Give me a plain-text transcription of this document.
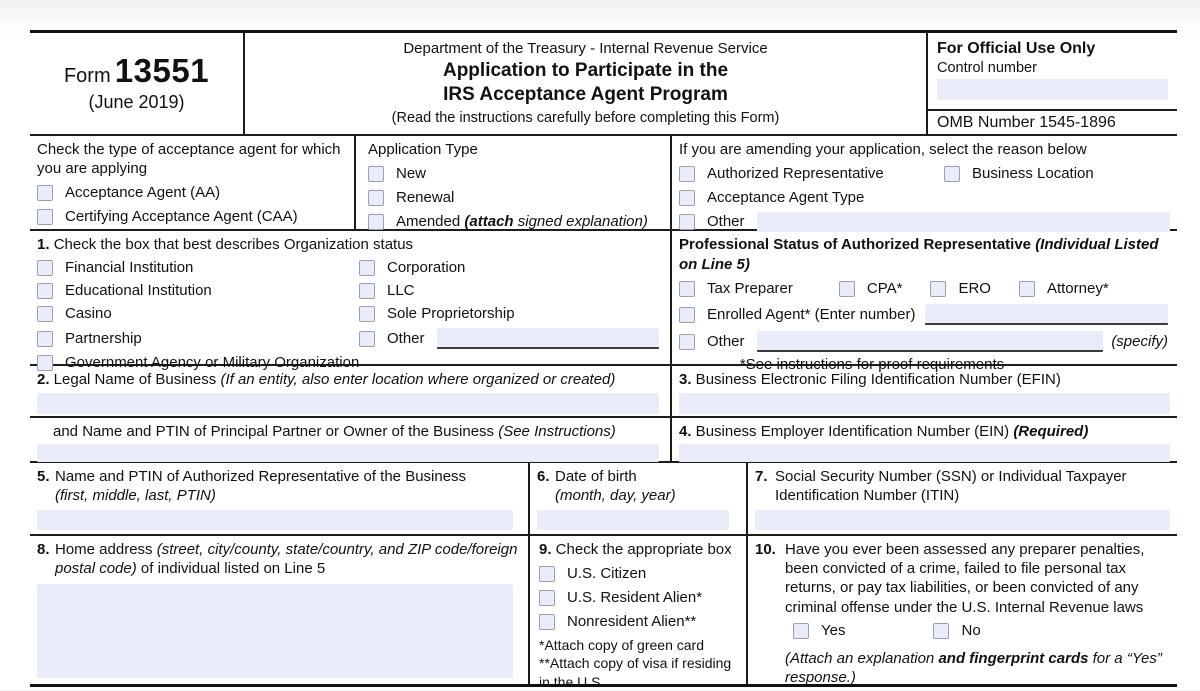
Form 13551
(June 2019)
Department of the Treasury - Internal Revenue Service
Application to Participate in the
IRS Acceptance Agent Program
(Read the instructions carefully before completing this Form)
For Official Use Only
Control number
OMB Number 1545-1896
Check the type of acceptance agent for which you are applying
Acceptance Agent (AA)
Certifying Acceptance Agent (CAA)
Application Type
New
Renewal
Amended (attach signed explanation)
If you are amending your application, select the reason below
Authorized Representative	Business Location
Acceptance Agent Type
Other
1. Check the box that best describes Organization status
Financial Institution	Corporation
Educational Institution	LLC
Casino	Sole Proprietorship
Partnership	Other
Government Agency or Military Organization
Professional Status of Authorized Representative (Individual Listed on Line 5)
Tax Preparer	CPA*	ERO	Attorney*
Enrolled Agent* (Enter number)
Other	(specify)
*See instructions for proof requirements
2. Legal Name of Business (If an entity, also enter location where organized or created)	3. Business Electronic Filing Identification Number (EFIN)
and Name and PTIN of Principal Partner or Owner of the Business (See Instructions)	4. Business Employer Identification Number (EIN) (Required)
5. Name and PTIN of Authorized Representative of the Business
(first, middle, last, PTIN)
6. Date of birth
(month, day, year)
7. Social Security Number (SSN) or Individual Taxpayer Identification Number (ITIN)
8. Home address (street, city/county, state/country, and ZIP code/foreign postal code) of individual listed on Line 5
9. Check the appropriate box
U.S. Citizen
U.S. Resident Alien*
Nonresident Alien**
*Attach copy of green card
**Attach copy of visa if residing in the U.S.
10. Have you ever been assessed any preparer penalties, been convicted of a crime, failed to file personal tax returns, or pay tax liabilities, or been convicted of any criminal offense under the U.S. Internal Revenue laws
Yes	No
(Attach an explanation and fingerprint cards for a “Yes” response.)
